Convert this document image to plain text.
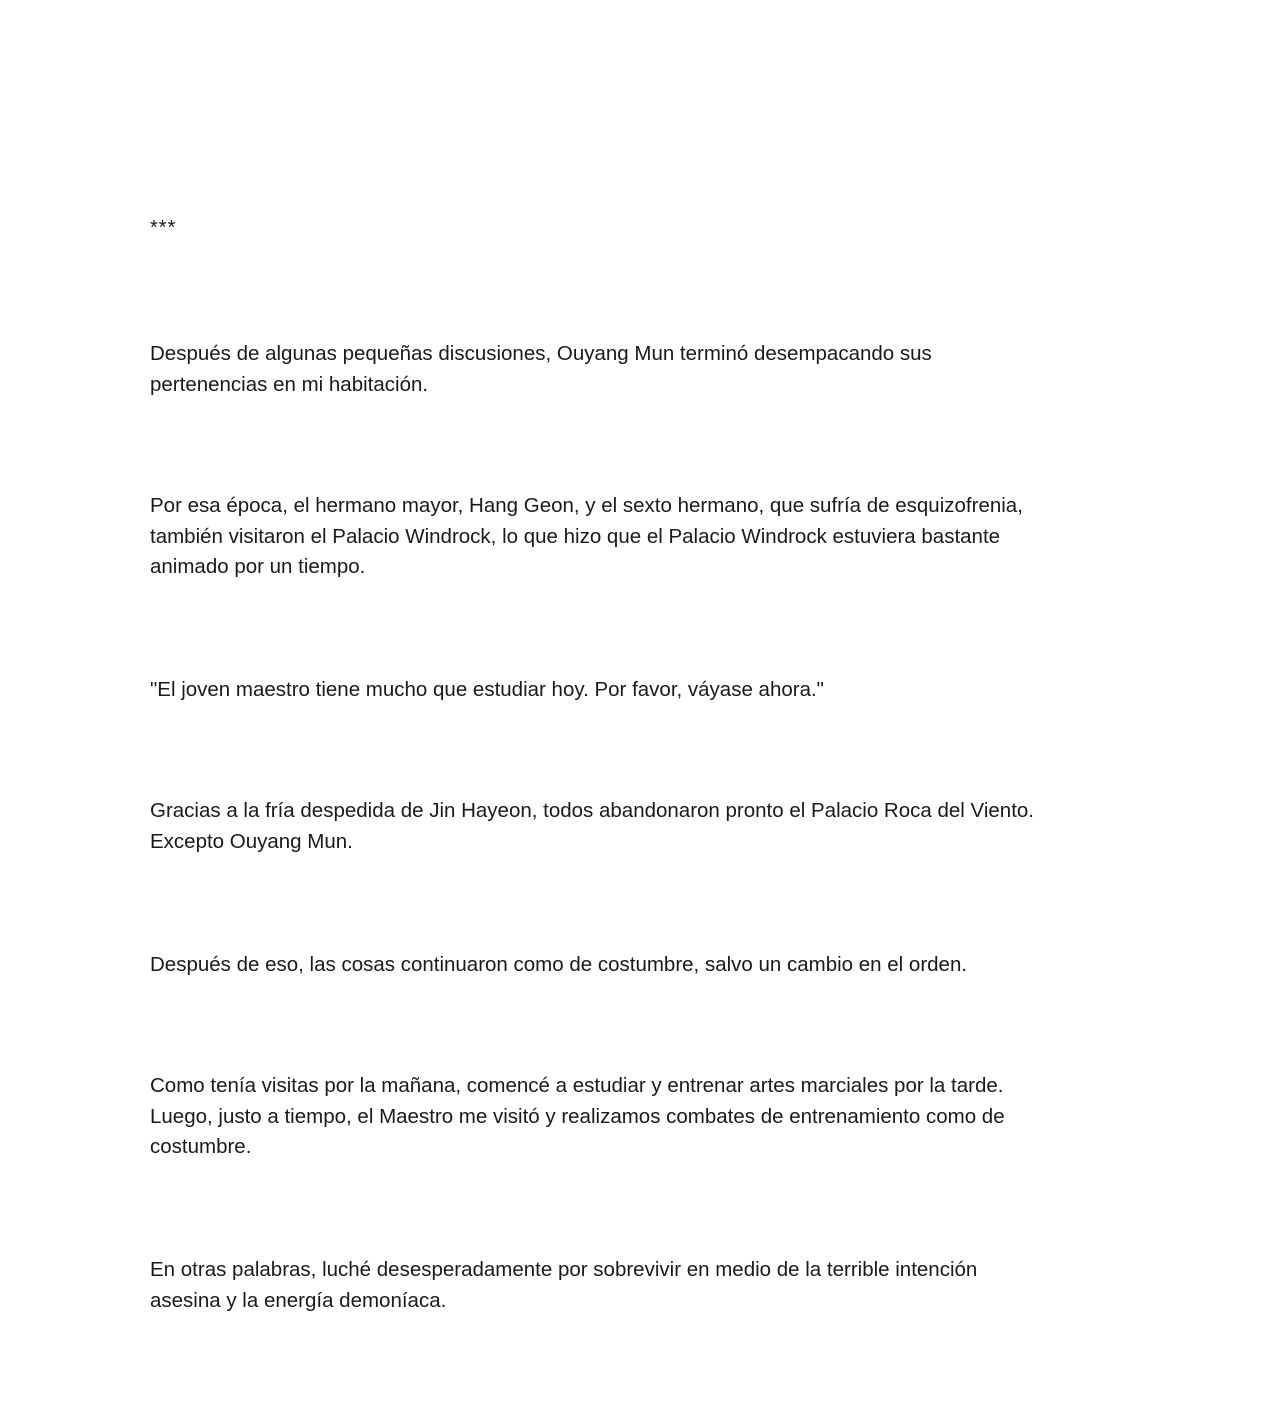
***

Después de algunas pequeñas discusiones, Ouyang Mun terminó desempacando sus
pertenencias en mi habitación.

Por esa época, el hermano mayor, Hang Geon, y el sexto hermano, que sufría de esquizofrenia,
también visitaron el Palacio Windrock, lo que hizo que el Palacio Windrock estuviera bastante
animado por un tiempo.

"El joven maestro tiene mucho que estudiar hoy. Por favor, váyase ahora."

Gracias a la fría despedida de Jin Hayeon, todos abandonaron pronto el Palacio Roca del Viento.
Excepto Ouyang Mun.

Después de eso, las cosas continuaron como de costumbre, salvo un cambio en el orden.

Como tenía visitas por la mañana, comencé a estudiar y entrenar artes marciales por la tarde.
Luego, justo a tiempo, el Maestro me visitó y realizamos combates de entrenamiento como de
costumbre.

En otras palabras, luché desesperadamente por sobrevivir en medio de la terrible intención
asesina y la energía demoníaca.
